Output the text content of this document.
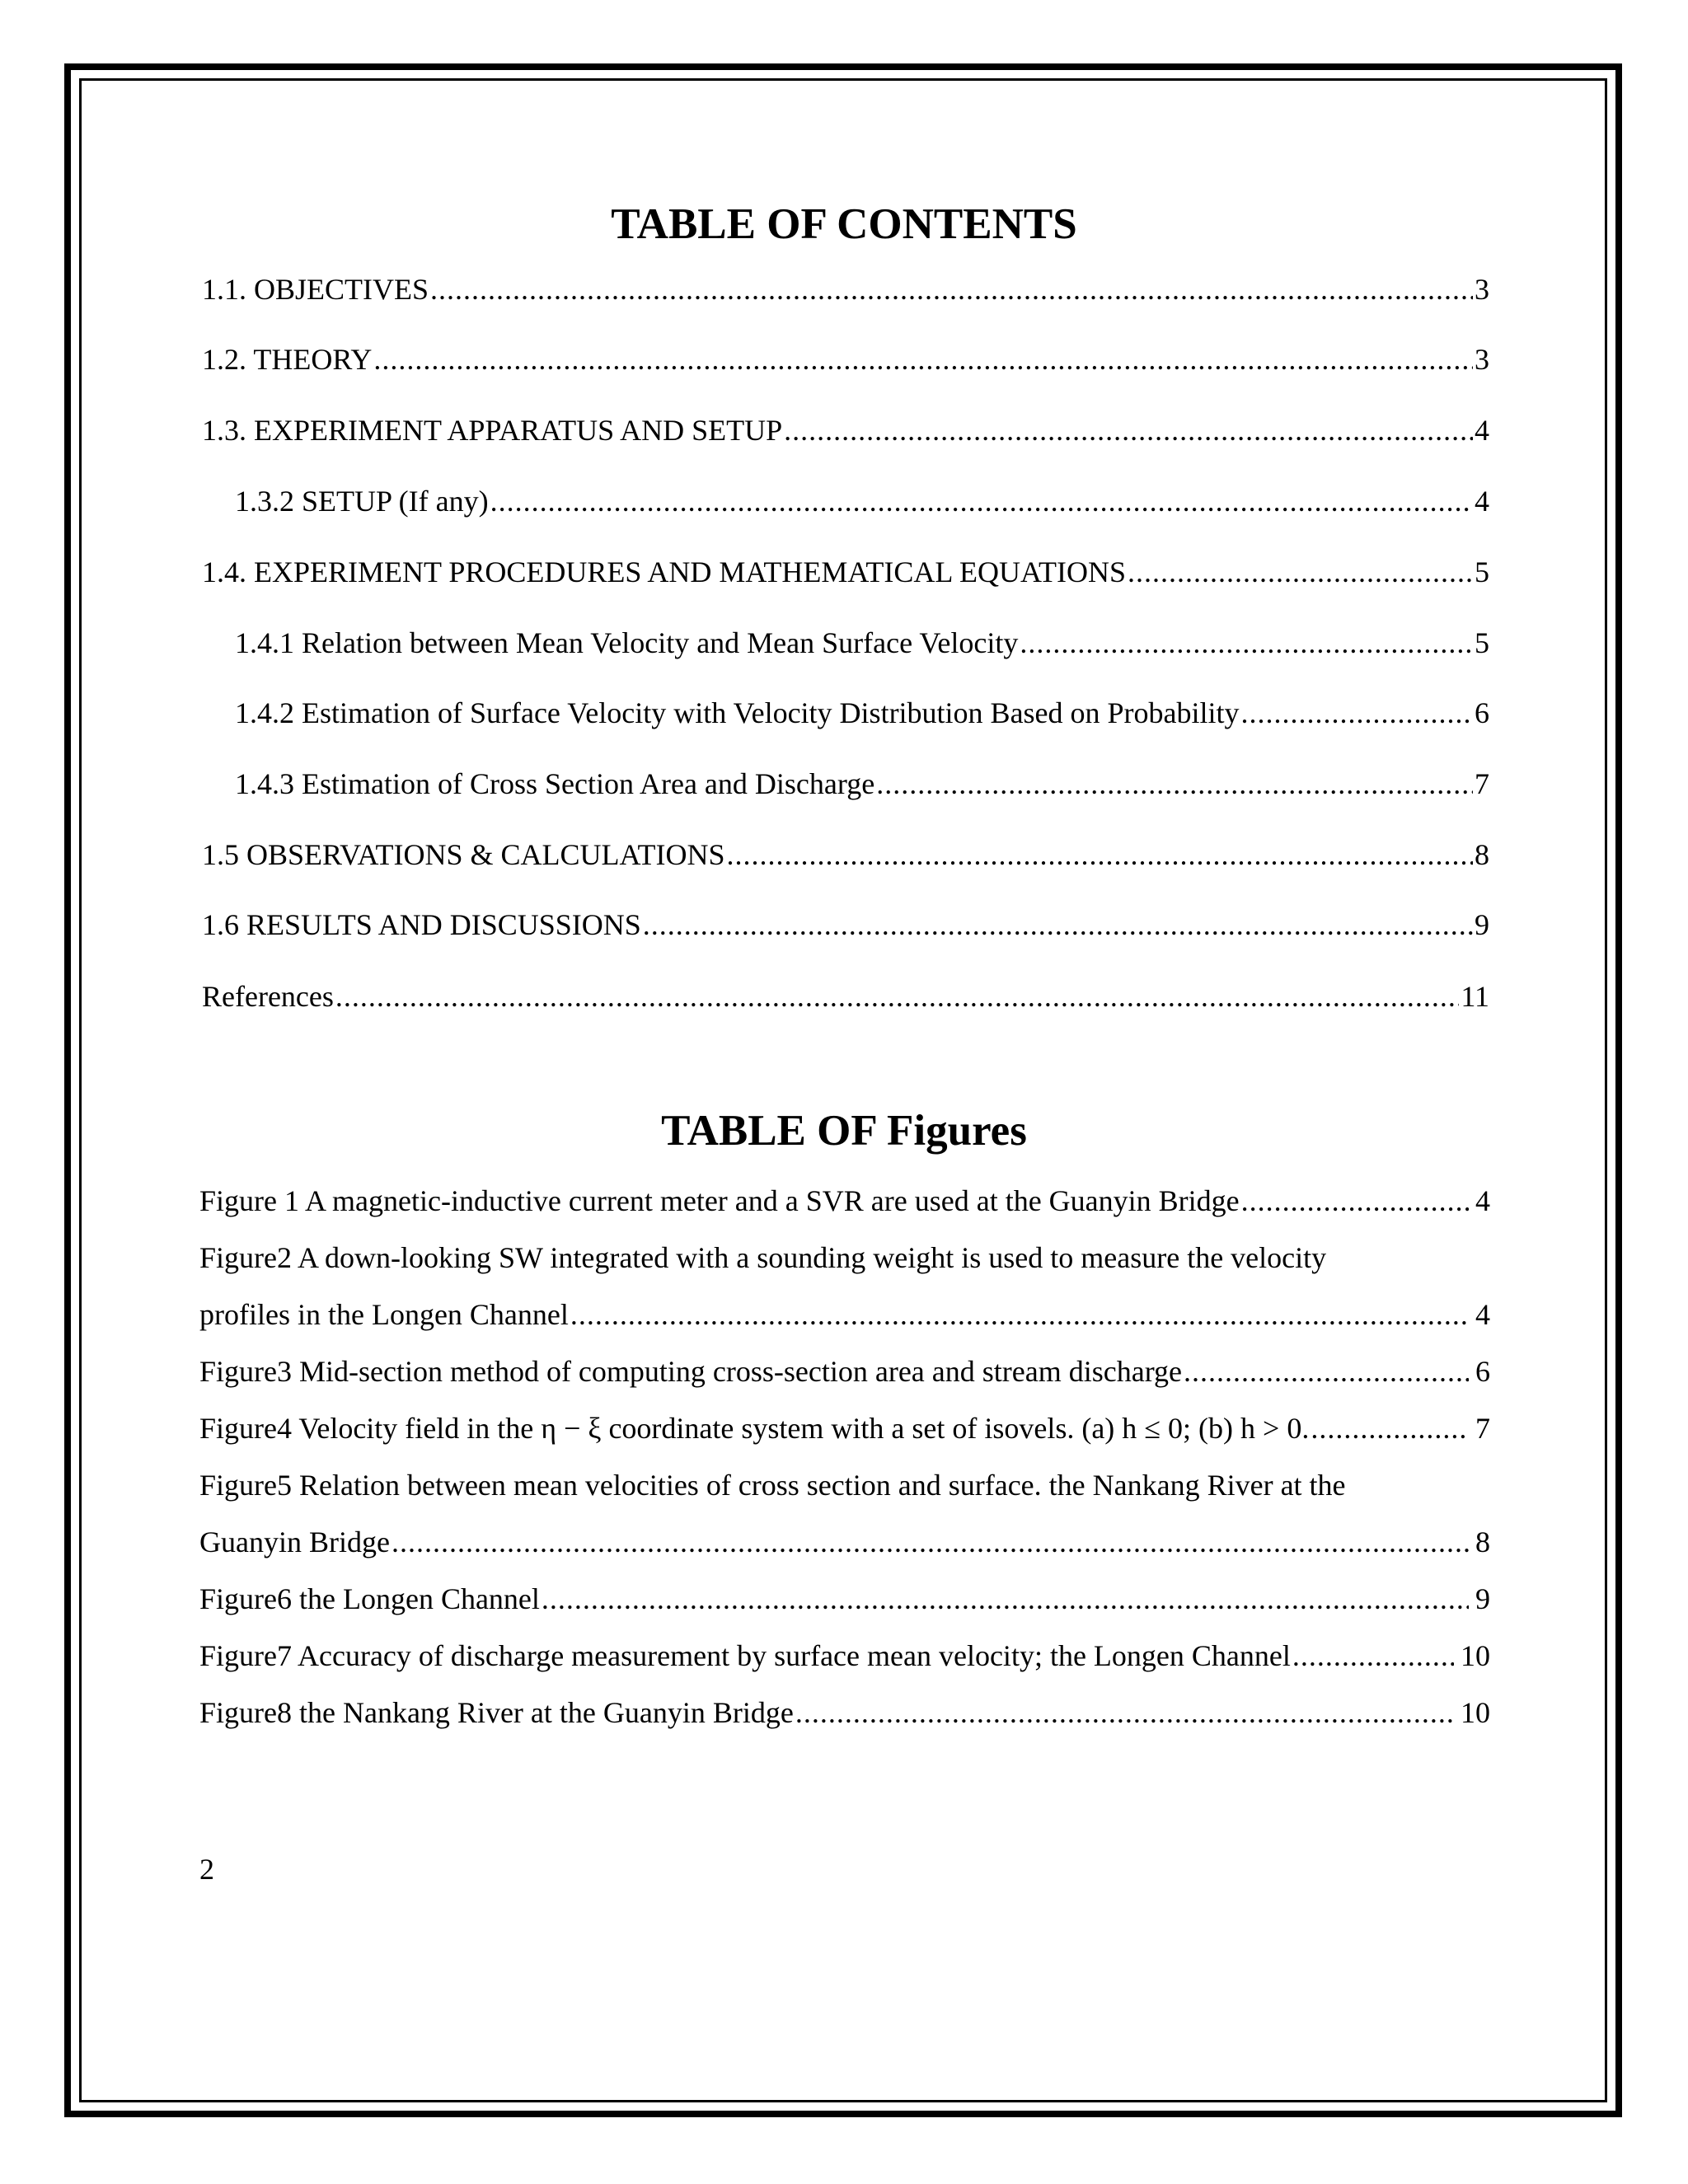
TABLE OF CONTENTS
1.1. OBJECTIVES .....	3
1.2. THEORY .....	3
1.3. EXPERIMENT APPARATUS AND SETUP .....	4
1.3.2 SETUP (If any) .....	4
1.4. EXPERIMENT PROCEDURES AND MATHEMATICAL EQUATIONS .....	5
1.4.1 Relation between Mean Velocity and Mean Surface Velocity .....	5
1.4.2 Estimation of Surface Velocity with Velocity Distribution Based on Probability .....	6
1.4.3 Estimation of Cross Section Area and Discharge .....	7
1.5 OBSERVATIONS & CALCULATIONS .....	8
1.6 RESULTS AND DISCUSSIONS .....	9
References .....	11
TABLE OF Figures
Figure 1 A magnetic-inductive current meter and a SVR are used at the Guanyin Bridge .....	4
Figure2 A down-looking SW integrated with a sounding weight is used to measure the velocity
profiles in the Longen Channel .....	4
Figure3 Mid-section method of computing cross-section area and stream discharge .....	6
Figure4 Velocity field in the η − ξ coordinate system with a set of isovels. (a) h ≤ 0; (b) h > 0. .....	7
Figure5 Relation between mean velocities of cross section and surface. the Nankang River at the
Guanyin Bridge .....	8
Figure6 the Longen Channel .....	9
Figure7 Accuracy of discharge measurement by surface mean velocity; the Longen Channel .....	10
Figure8 the Nankang River at the Guanyin Bridge .....	10
2
